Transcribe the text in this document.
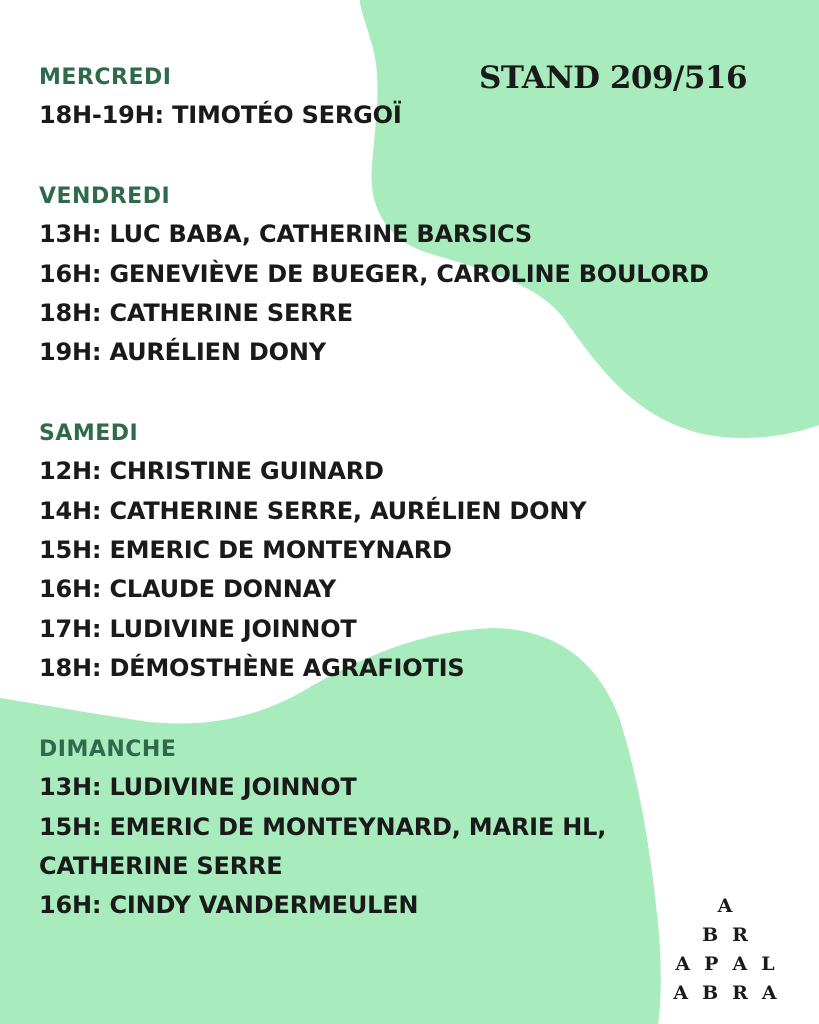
STAND 209/516
MERCREDI
18H-19H: TIMOTÉO SERGOÏ
VENDREDI
13H: LUC BABA, CATHERINE BARSICS
16H: GENEVIÈVE DE BUEGER, CAROLINE BOULORD
18H: CATHERINE SERRE
19H: AURÉLIEN DONY
SAMEDI
12H: CHRISTINE GUINARD
14H: CATHERINE SERRE, AURÉLIEN DONY
15H: EMERIC DE MONTEYNARD
16H: CLAUDE DONNAY
17H: LUDIVINE JOINNOT
18H: DÉMOSTHÈNE AGRAFIOTIS
DIMANCHE
13H: LUDIVINE JOINNOT
15H: EMERIC DE MONTEYNARD, MARIE HL,
CATHERINE SERRE
16H: CINDY VANDERMEULEN	A
B R
A P A L
A B R A
